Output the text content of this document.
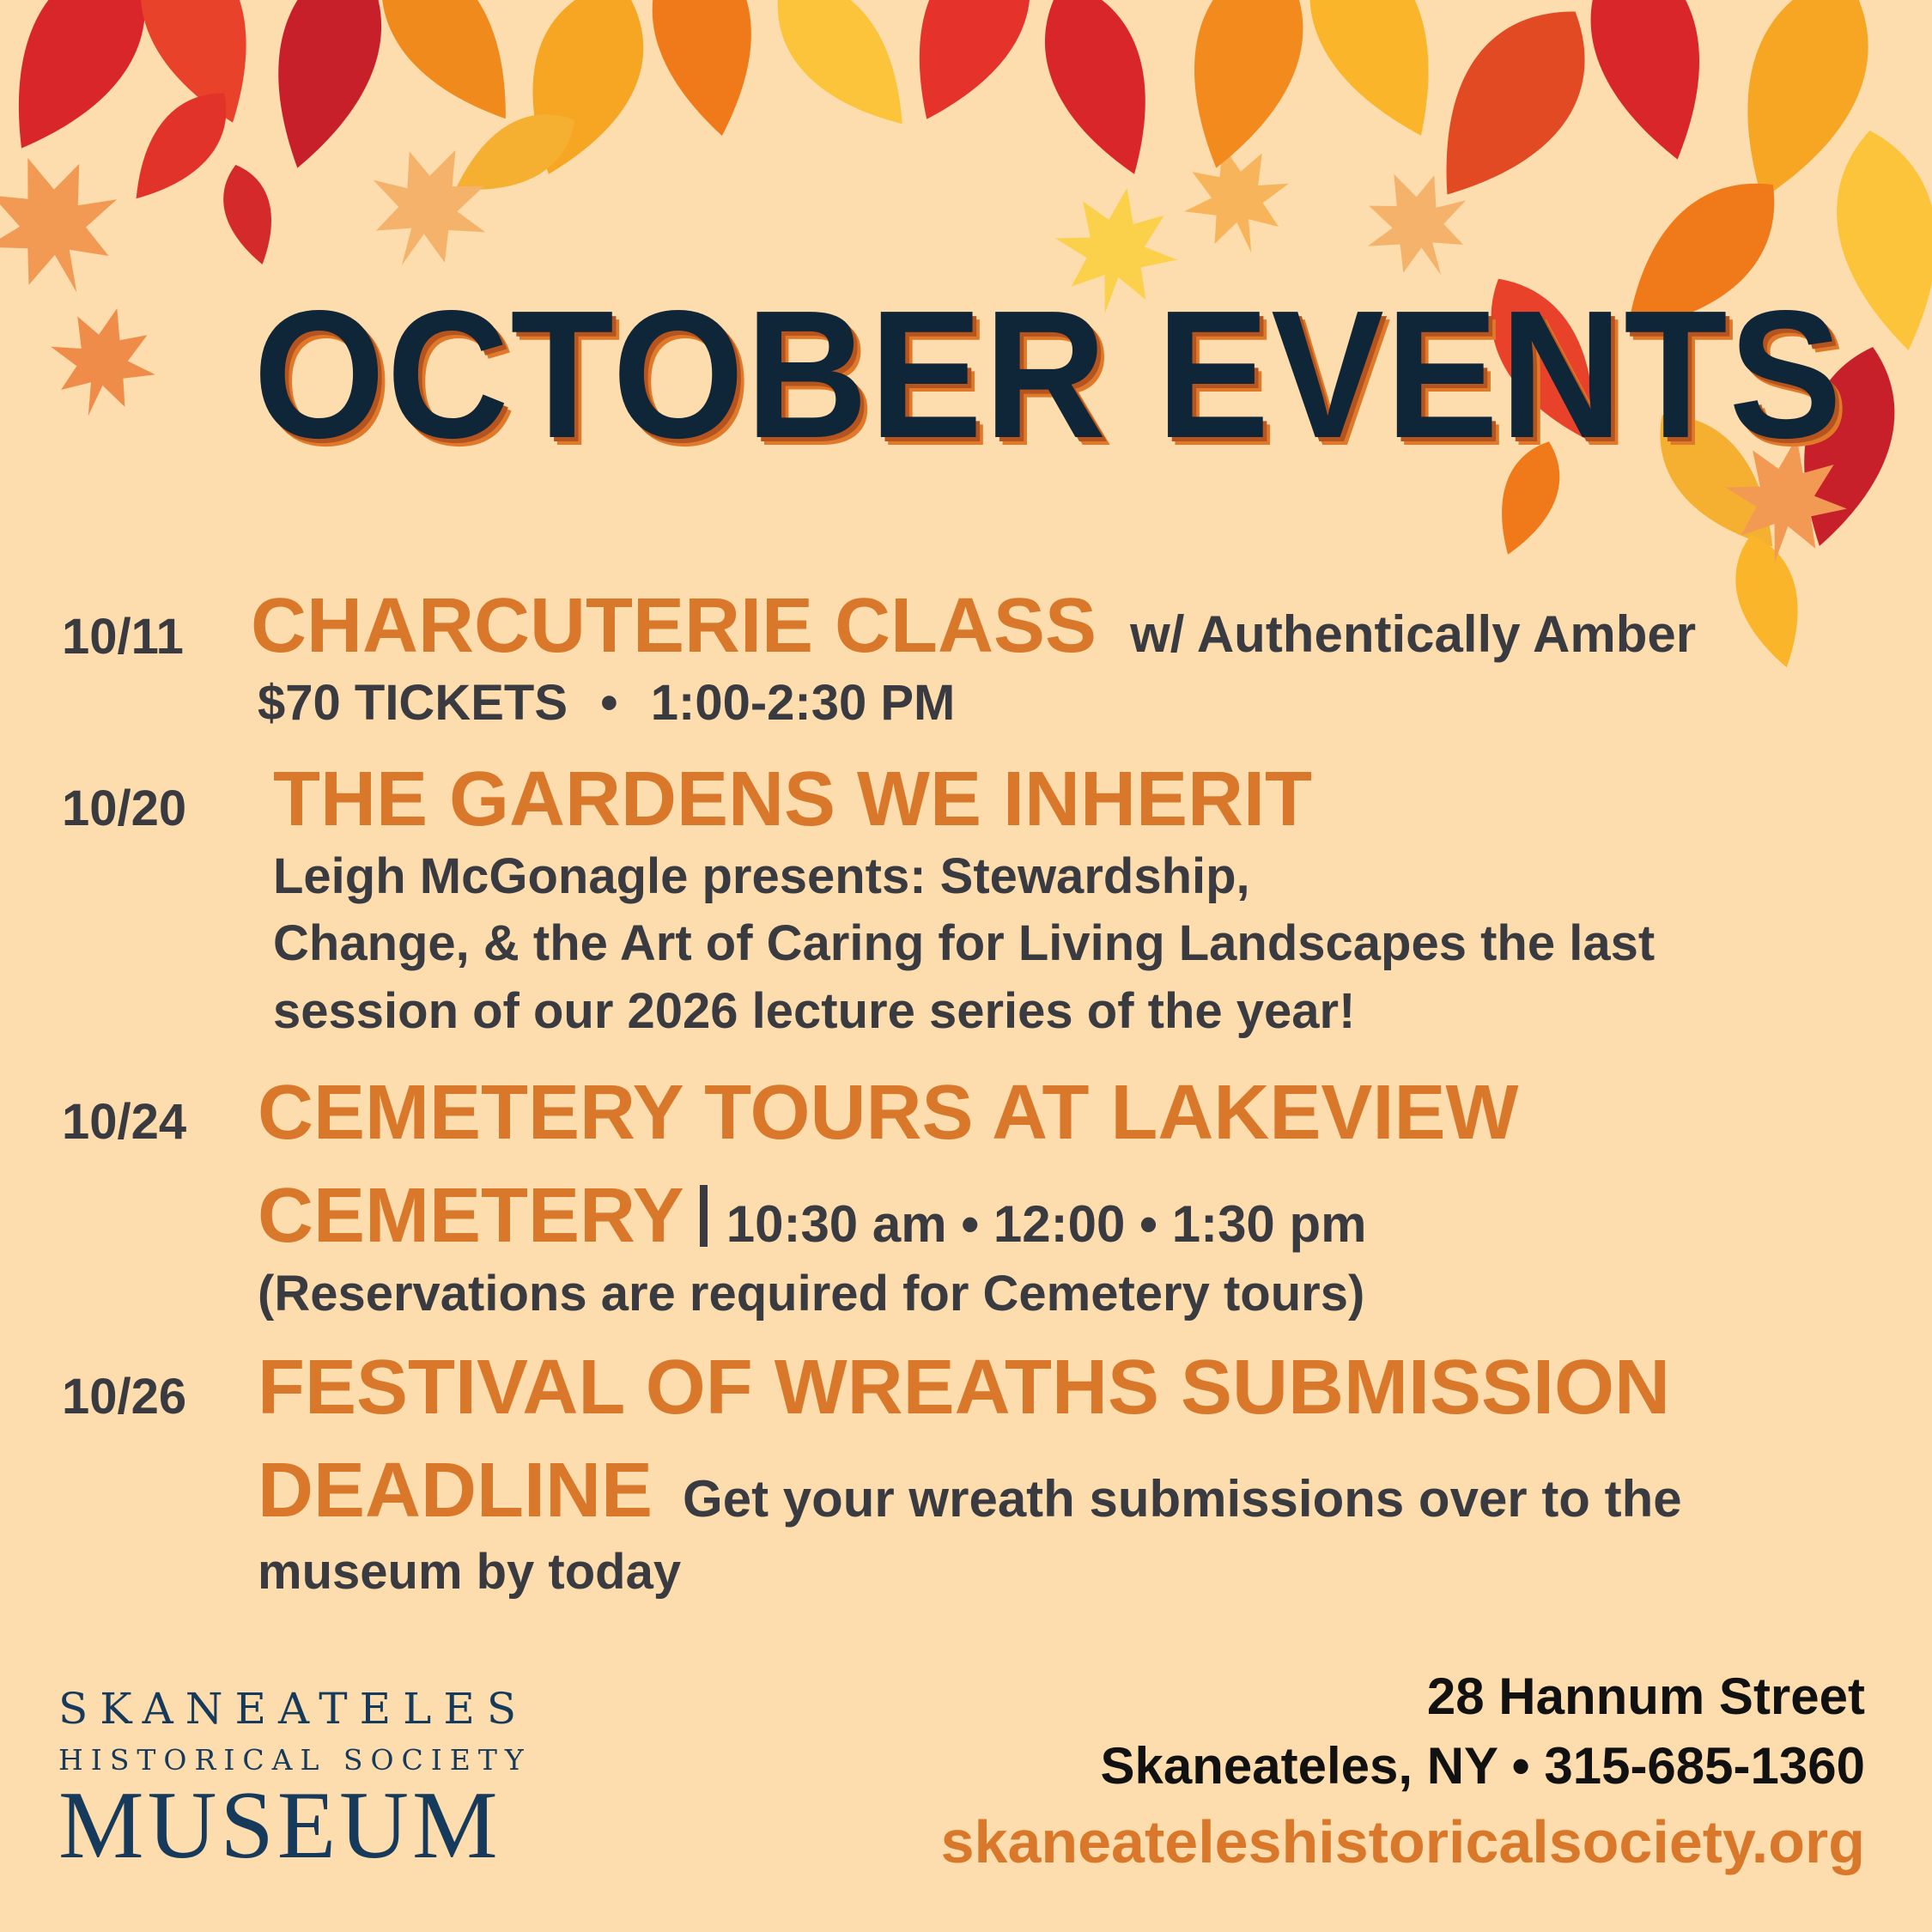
OCTOBER EVENTS
10/11 CHARCUTERIE CLASS w/ Authentically Amber
$70 TICKETS  •  1:00-2:30 PM
10/20 THE GARDENS WE INHERIT
Leigh McGonagle presents: Stewardship,
Change, & the Art of Caring for Living Landscapes the last
session of our 2026 lecture series of the year!
10/24 CEMETERY TOURS AT LAKEVIEW
CEMETERY 10:30 am • 12:00 • 1:30 pm
(Reservations are required for Cemetery tours)
10/26 FESTIVAL OF WREATHS SUBMISSION
DEADLINE Get your wreath submissions over to the
museum by today
SKANEATELES
HISTORICAL SOCIETY
MUSEUM
28 Hannum Street
Skaneateles, NY • 315-685-1360
skaneateleshistoricalsociety.org
